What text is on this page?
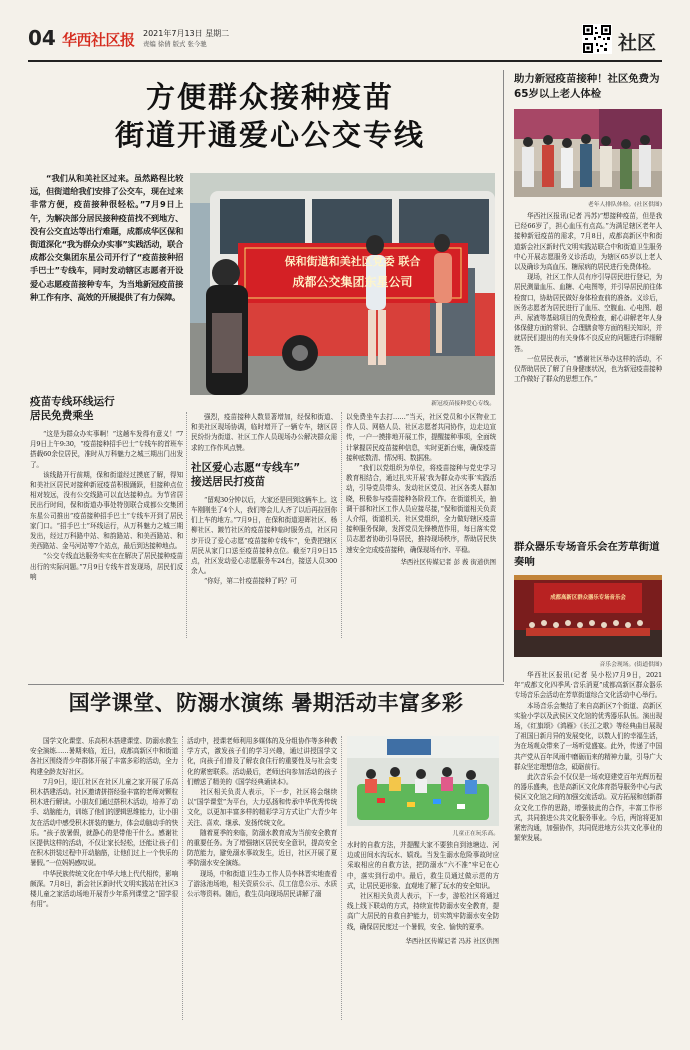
04 华西社区报 2021年7月13日 星期二
责编 徐倩 版式 张今驰	社区
方便群众接种疫苗
街道开通爱心公交专线
“我们从和美社区过来。虽然路程比较远，但街道给我们安排了公交车，现在过来非常方便，疫苗接种很轻松。”7月9日上午，为解决部分居民接种疫苗找不到地方、没有公交直达等出行难题，成都成华区保和街道深化“我为群众办实事”实践活动，联合成都公交集团东星公司开行了“疫苗接种招手巴士”专线车，同时发动辖区志愿者开设爱心志愿疫苗接种专车，为当地新冠疫苗接种工作有序、高效的开展提供了有力保障。
保和街道和美社区党委 联合
成都公交集团东星公司
新冠疫苗接种爱心专线。
疫苗专线环线运行
居民免费乘坐

“这是为群众办实事啊！”这趟车发得有意义！”7月9日上午9:30，“疫苗接种招手巴士”专线车的首班车搭载60余位居民，准时从万科魅力之城三期出门出发了。

该线路开行前期，保和街道经过摸底了解，得知和美社区居民对接种新冠疫苗积极踊跃，但接种点位相对较远，没有公交线路可以直达接种点。为节省居民出行时间，保和街道办事处特别联合成都公交集团东星公司推出“疫苗接种招手巴士”专线车开到了居民家门口。“招手巴士”环线运行，从万科魅力之城三期发出，经过万科路中站、和韵路站、和美西路站、和美西路站、金马河站等7个站点，最后到达接种地点。

“公交专线直达服务实实在在解决了居民接种疫苗出行的实际问题。”7月9日专线车首发现场，居民们反响

强烈，疫苗接种人数显著增加，经保和街道、和美社区现场协调，临时增开了一辆专车，辖区居民纷纷为街道、社区工作人员现场办公解决群众需求的工作作风点赞。

社区爱心志愿“专线车”
接送居民打疫苗

“留观30分钟以后，大家还是回到这辆车上。这车刚刚坐了4个人，我们等会儿人齐了以后再拉回你们上车的地方。”7月9日，在保和街道迎晖社区、杨柳社区、踱竹社区的疫苗接种临时服务点，社区同步开设了爱心志愿“疫苗接种专线车”，免费把辖区居民从家门口送至疫苗接种点位。截至7月9日15点，社区发动爱心志愿服务车24台，接送人员300余人。

“你好，第二针疫苗接种了吗？可

以免费坐车去打……”当天，社区党员和小区物业工作人员、网格人员、社区志愿者共同协作，边走边宣传，一户一摸排地开展工作，提醒接种事项，全面统计掌握居民疫苗接种信息，实时更新台账，确保疫苗接种底数清、情况明、数据准。

“我们以党组织为单位，将疫苗接种与党史学习教育相结合，通过扎实开展‘我为群众办实事’实践活动，引导党员带头、发动社区党员、社区各类人群加晓，积极参与疫苗接种各阶段工作。在街道机关，抽调干部和社区工作人员应接尽接，”保和街道相关负责人介绍，街道机关、社区党组织，全力做好辖区疫苗接种服务保障，发挥党员先锋模范作用，每日落实党员志愿者协助引导居民，推持现场秩序，帮助居民快速安全完成疫苗接种，确保现场有序、平稳。

华西社区传媒记者 彭 莪 街道供图
助力新冠疫苗接种！社区免费为65岁以上老人体检
老年人排队体检。(社区供图)

华西社区报讯(记者 冯苏)“想接种疫苗，但是我已经66岁了，担心血压有点高。”为满足辖区老年人接种新冠疫苗的需求，7月8日，成都高新区中和街道新会社区新时代文明实践站联合中和街道卫生服务中心开展志愿服务义诊活动，为辖区65岁以上老人以及确诊为高血压、糖尿病的居民进行免费体检。

现场，社区工作人员有序引导居民进行登记，为居民测量血压、血糖、心电图等，并引导居民前往体检窗口，协助居民做好身体检查前的准备。义诊后，医务志愿者为居民进行了血压、空腹血、心电图、超声、尿液等基础项目的免费检查，耐心讲解老年人身体保健方面的常识、合理膳食等方面的相关知识，并就居民们提出的有关身体不良反应的问题进行详细解答。

一位居民表示，“感谢社区举办这样的活动，不仅帮助居民了解了自身健康状况，也为新冠疫苗接种工作做好了群众的思想工作。”

群众器乐专场音乐会在芳草街道奏响
成都高新区群众器乐专场音乐会
音乐会现场。(街道供图)

华西社区报讯(记者 吴小松)7月9日，2021年“成都文化四季风·音乐消夏”成都高新区群众器乐专场音乐会活动在芳草街道综合文化活动中心举行。

本场音乐会集结了来自高新区7个街道、高新区实验小学以及武侯区文化馆的优秀器乐队伍。演出现场，《红旗颂》《鸿雁》《长江之歌》等经典曲目展现了祖国日新月异的发展变化，以数人们的幸福生活，为在场观众带来了一场听觉盛宴。此外，传递了中国共产党从百年风雨中磨砺而来的精神力量，引导广大群众坚定理想信念，砥砺前行。

此次音乐会不仅仅是一场欢迎建党百年光辉历程的器乐盛典，也是高新区文化体育指导服务中心与武侯区文化馆之间的加强交流活动。双方拓展和创新群众文化工作的思路，增强彼此的合作，丰富工作形式，共同推进公共文化服务事业。今后，两馆将更加紧密沟通，加强协作，共同促进地方公共文化事业的繁荣发展。

国学课堂、防溺水演练 暑期活动丰富多彩

国学文化课堂、乐高积木搭建课堂、防溺水教生安全演练……暑期来临，近日，成都高新区中和街道各社区围绕青少年群体开展了丰富多彩的活动，全力构建全龄友好社区。

7月9日，迎江社区在社区儿童之家开展了乐高积木搭建活动。社区邀请拼搭经验丰富的老师对颗粒积木进行解读。小朋友们通过搭积木活动，培养了动手、动脑能力，训练了他们的逻辑思维能力，让小朋友在活动中感受积木拼装的魅力，体会动脑动手的快乐。“孩子放暑假，就静心的是带他干什么。感谢社区提供这样的活动，不仅让家长轻松，还能让孩子们在积木拼装过程中开动脑筋，让他们过上一个快乐的暑假。”一位妈妈感叹说。

中华民族传统文化在中华大地上代代相传，影响颇深。7月8日，新会社区新时代文明实践站在社区3楼儿童之家活动场地开展青少年系列课堂之“国学很有用”。

活动中，授课老师利用多媒体的及分组协作等多种教学方式，激发孩子们的学习兴趣，通过讲授国学文化，向孩子们普及了解农食住行的重要性及与社会变化的紧密联系。活动最后，老师还向参加活动的孩子们赠送了精美的《国学经典诵读本》。

社区相关负责人表示，下一步，社区将会继续以“国学课堂”为平台，大力弘扬和传承中华优秀传统文化，以更加丰富多样的精彩学习方式让广大青少年关注、喜欢、继承、发扬传统文化。

随着夏季的来临，防溺水教育成为当前安全教育的重要任务。为了增强辖区居民安全意识，提高安全防范能力，避免溺水事故发生，近日，社区开展了夏季防溺水安全演练。

现场，中和街道卫生办工作人员李林晋实地查看了游泳池场地，相关资质公示、员工信息公示、水质公示等资料。随后，救生员向现场居民讲解了溺

儿童正在玩乐高。

水时的自救方法，并提醒大家不要独自到池塘边、河边或田间水沟玩水、嬉戏。当发生溺水危险事故时应采取相应的自救方法，把防溺水“六不准”牢记在心中，落实到行动中。最后，救生员通过做示范的方式，让居民更形象、直观地了解了玩水的安全知识。

社区相关负责人表示，下一步，游松社区将通过线上线下联动的方式，持续宣传防溺水安全教育，提高广大居民的自救自护能力，切实筑牢防溺水安全防线，确保居民度过一个暑假，安全、愉快的夏季。

华西社区传媒记者 冯苏 社区供图
